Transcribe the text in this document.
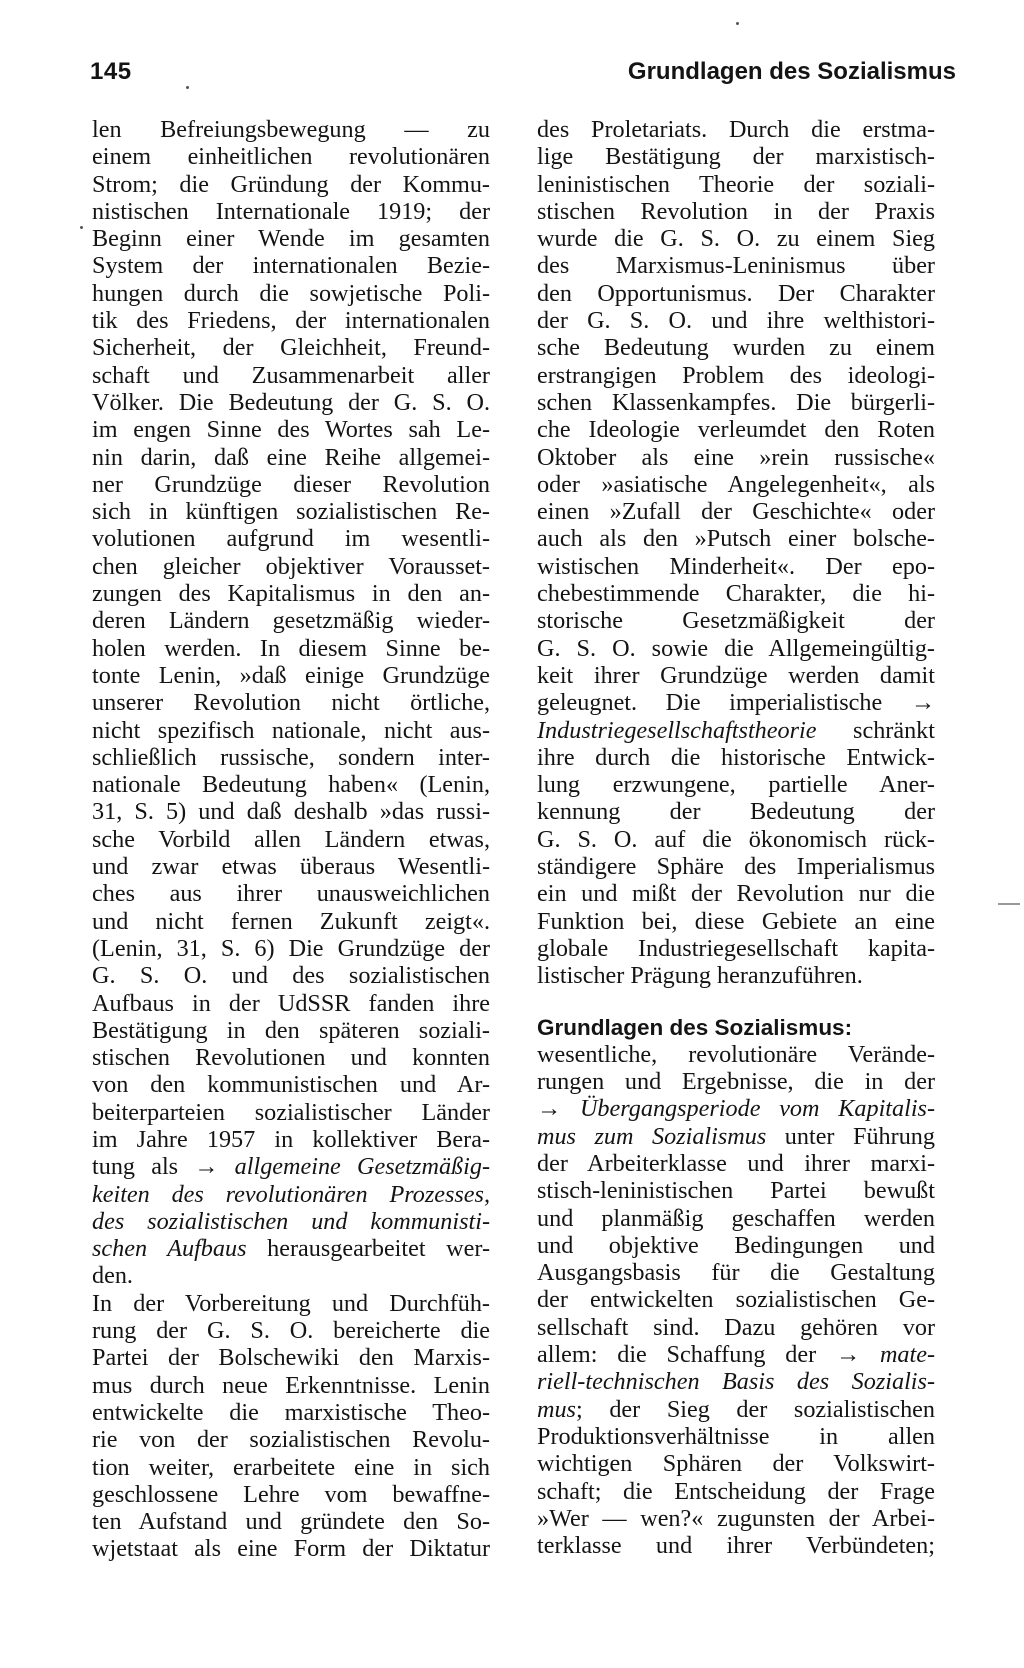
145	Grundlagen des Sozialismus
len Befreiungsbewegung — zu
einem einheitlichen revolutionären
Strom; die Gründung der Kommu-
nistischen Internationale 1919; der
Beginn einer Wende im gesamten
System der internationalen Bezie-
hungen durch die sowjetische Poli-
tik des Friedens, der internationalen
Sicherheit, der Gleichheit, Freund-
schaft und Zusammenarbeit aller
Völker. Die Bedeutung der G. S. O.
im engen Sinne des Wortes sah Le-
nin darin, daß eine Reihe allgemei-
ner Grundzüge dieser Revolution
sich in künftigen sozialistischen Re-
volutionen aufgrund im wesentli-
chen gleicher objektiver Vorausset-
zungen des Kapitalismus in den an-
deren Ländern gesetzmäßig wieder-
holen werden. In diesem Sinne be-
tonte Lenin, »daß einige Grundzüge
unserer Revolution nicht örtliche,
nicht spezifisch nationale, nicht aus-
schließlich russische, sondern inter-
nationale Bedeutung haben« (Lenin,
31, S. 5) und daß deshalb »das russi-
sche Vorbild allen Ländern etwas,
und zwar etwas überaus Wesentli-
ches aus ihrer unausweichlichen
und nicht fernen Zukunft zeigt«.
(Lenin, 31, S. 6) Die Grundzüge der
G. S. O. und des sozialistischen
Aufbaus in der UdSSR fanden ihre
Bestätigung in den späteren soziali-
stischen Revolutionen und konnten
von den kommunistischen und Ar-
beiterparteien sozialistischer Länder
im Jahre 1957 in kollektiver Bera-
tung als → allgemeine Gesetzmäßig-
keiten des revolutionären Prozesses,
des sozialistischen und kommunisti-
schen Aufbaus herausgearbeitet wer-
den.
In der Vorbereitung und Durchfüh-
rung der G. S. O. bereicherte die
Partei der Bolschewiki den Marxis-
mus durch neue Erkenntnisse. Lenin
entwickelte die marxistische Theo-
rie von der sozialistischen Revolu-
tion weiter, erarbeitete eine in sich
geschlossene Lehre vom bewaffne-
ten Aufstand und gründete den So-
wjetstaat als eine Form der Diktatur
des Proletariats. Durch die erstma-
lige Bestätigung der marxistisch-
leninistischen Theorie der soziali-
stischen Revolution in der Praxis
wurde die G. S. O. zu einem Sieg
des Marxismus-Leninismus über
den Opportunismus. Der Charakter
der G. S. O. und ihre welthistori-
sche Bedeutung wurden zu einem
erstrangigen Problem des ideologi-
schen Klassenkampfes. Die bürgerli-
che Ideologie verleumdet den Roten
Oktober als eine »rein russische«
oder »asiatische Angelegenheit«, als
einen »Zufall der Geschichte« oder
auch als den »Putsch einer bolsche-
wistischen Minderheit«. Der epo-
chebestimmende Charakter, die hi-
storische Gesetzmäßigkeit der
G. S. O. sowie die Allgemeingültig-
keit ihrer Grundzüge werden damit
geleugnet. Die imperialistische →
Industriegesellschaftstheorie schränkt
ihre durch die historische Entwick-
lung erzwungene, partielle Aner-
kennung der Bedeutung der
G. S. O. auf die ökonomisch rück-
ständigere Sphäre des Imperialismus
ein und mißt der Revolution nur die
Funktion bei, diese Gebiete an eine
globale Industriegesellschaft kapita-
listischer Prägung heranzuführen.
Grundlagen des Sozialismus:
wesentliche, revolutionäre Verände-
rungen und Ergebnisse, die in der
→ Übergangsperiode vom Kapitalis-
mus zum Sozialismus unter Führung
der Arbeiterklasse und ihrer marxi-
stisch-leninistischen Partei bewußt
und planmäßig geschaffen werden
und objektive Bedingungen und
Ausgangsbasis für die Gestaltung
der entwickelten sozialistischen Ge-
sellschaft sind. Dazu gehören vor
allem: die Schaffung der → mate-
riell-technischen Basis des Sozialis-
mus; der Sieg der sozialistischen
Produktionsverhältnisse in allen
wichtigen Sphären der Volkswirt-
schaft; die Entscheidung der Frage
»Wer — wen?« zugunsten der Arbei-
terklasse und ihrer Verbündeten;
